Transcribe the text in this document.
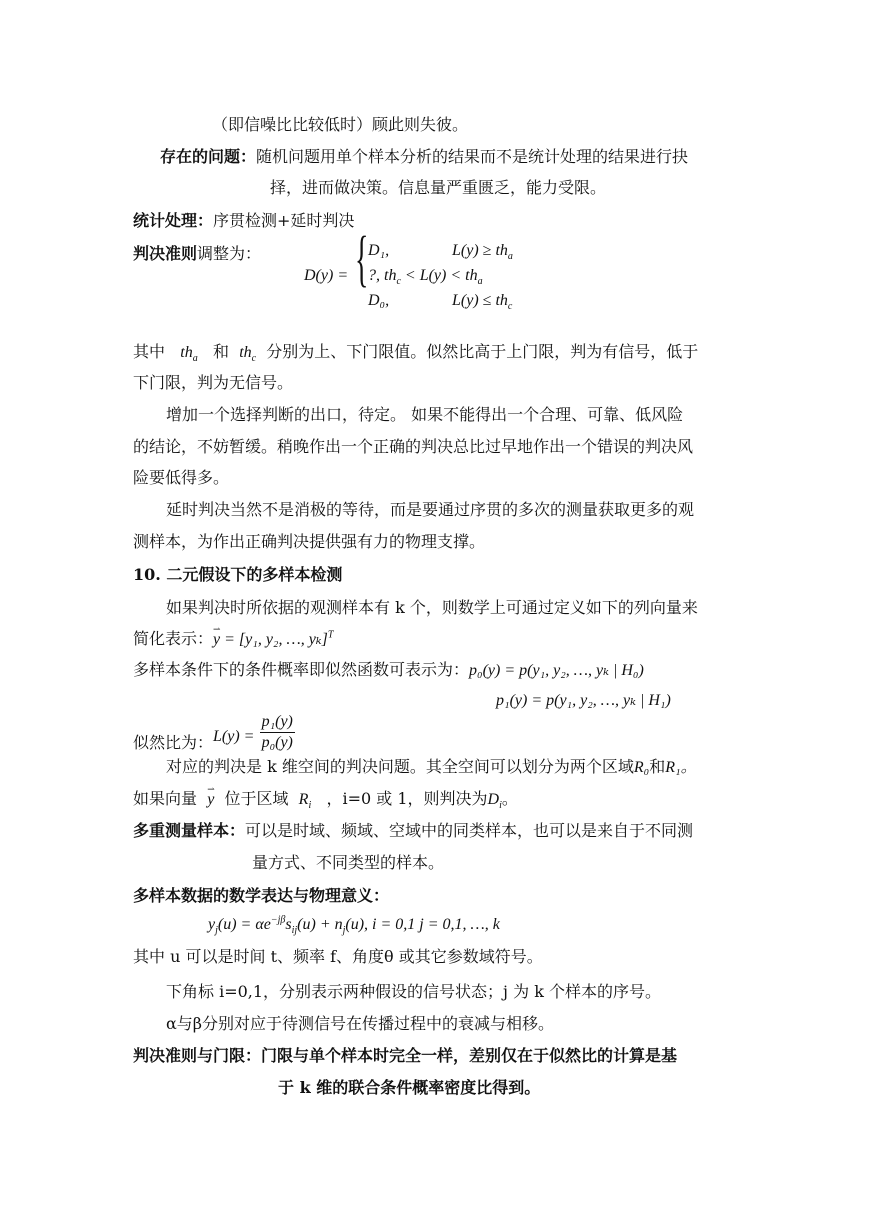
（即信噪比比较低时）顾此则失彼。
存在的问题：随机问题用单个样本分析的结果而不是统计处理的结果进行抉
择，进而做决策。信息量严重匮乏，能力受限。
统计处理：序贯检测+延时判决
判决准则调整为：
D(y) = { D₁,	$L(y) \ge th_a$
?, $th_c < L(y) < th_a$
D₀,	$L(y) \le th_c$
其中 $th_a$ 和 $th_c$ 分别为上、下门限值。似然比高于上门限，判为有信号，低于
下门限，判为无信号。
增加一个选择判断的出口，待定。 如果不能得出一个合理、可靠、低风险
的结论，不妨暂缓。稍晚作出一个正确的判决总比过早地作出一个错误的判决风
险要低得多。
延时判决当然不是消极的等待，而是要通过序贯的多次的测量获取更多的观
测样本，为作出正确判决提供强有力的物理支撑。
10. 二元假设下的多样本检测
如果判决时所依据的观测样本有 k 个，则数学上可通过定义如下的列向量来
简化表示：⇀ y = [y₁, y₂, …, yₖ]$^T$
多样本条件下的条件概率即似然函数可表示为：p₀(y) = p(y₁, y₂, …, yₖ | H₀)
p₁(y) = p(y₁, y₂, …, yₖ | H₁)
似然比为：$L(y) = \frac{\text{p₁(y)}}{\text{p₀(y)}}$
对应的判决是 k 维空间的判决问题。其全空间可以划分为两个区域R₀和R₁。
如果向量  ⇀ y 位于区域 $R_i$ ，i=0 或 1，则判决为$D_i$。
多重测量样本：可以是时域、频域、空域中的同类样本，也可以是来自于不同测
量方式、不同类型的样本。
多样本数据的数学表达与物理意义：
$y_j(u) = \alpha e^{-j\beta}s_{ij}(u) + n_j(u)$, i = 0,1 j = 0,1, …, k
其中 u 可以是时间 t、频率 f、角度θ 或其它参数域符号。
下角标 i=0,1，分别表示两种假设的信号状态；j 为 k 个样本的序号。
α与β分别对应于待测信号在传播过程中的衰减与相移。
判决准则与门限：门限与单个样本时完全一样，差别仅在于似然比的计算是基
于 k 维的联合条件概率密度比得到。
